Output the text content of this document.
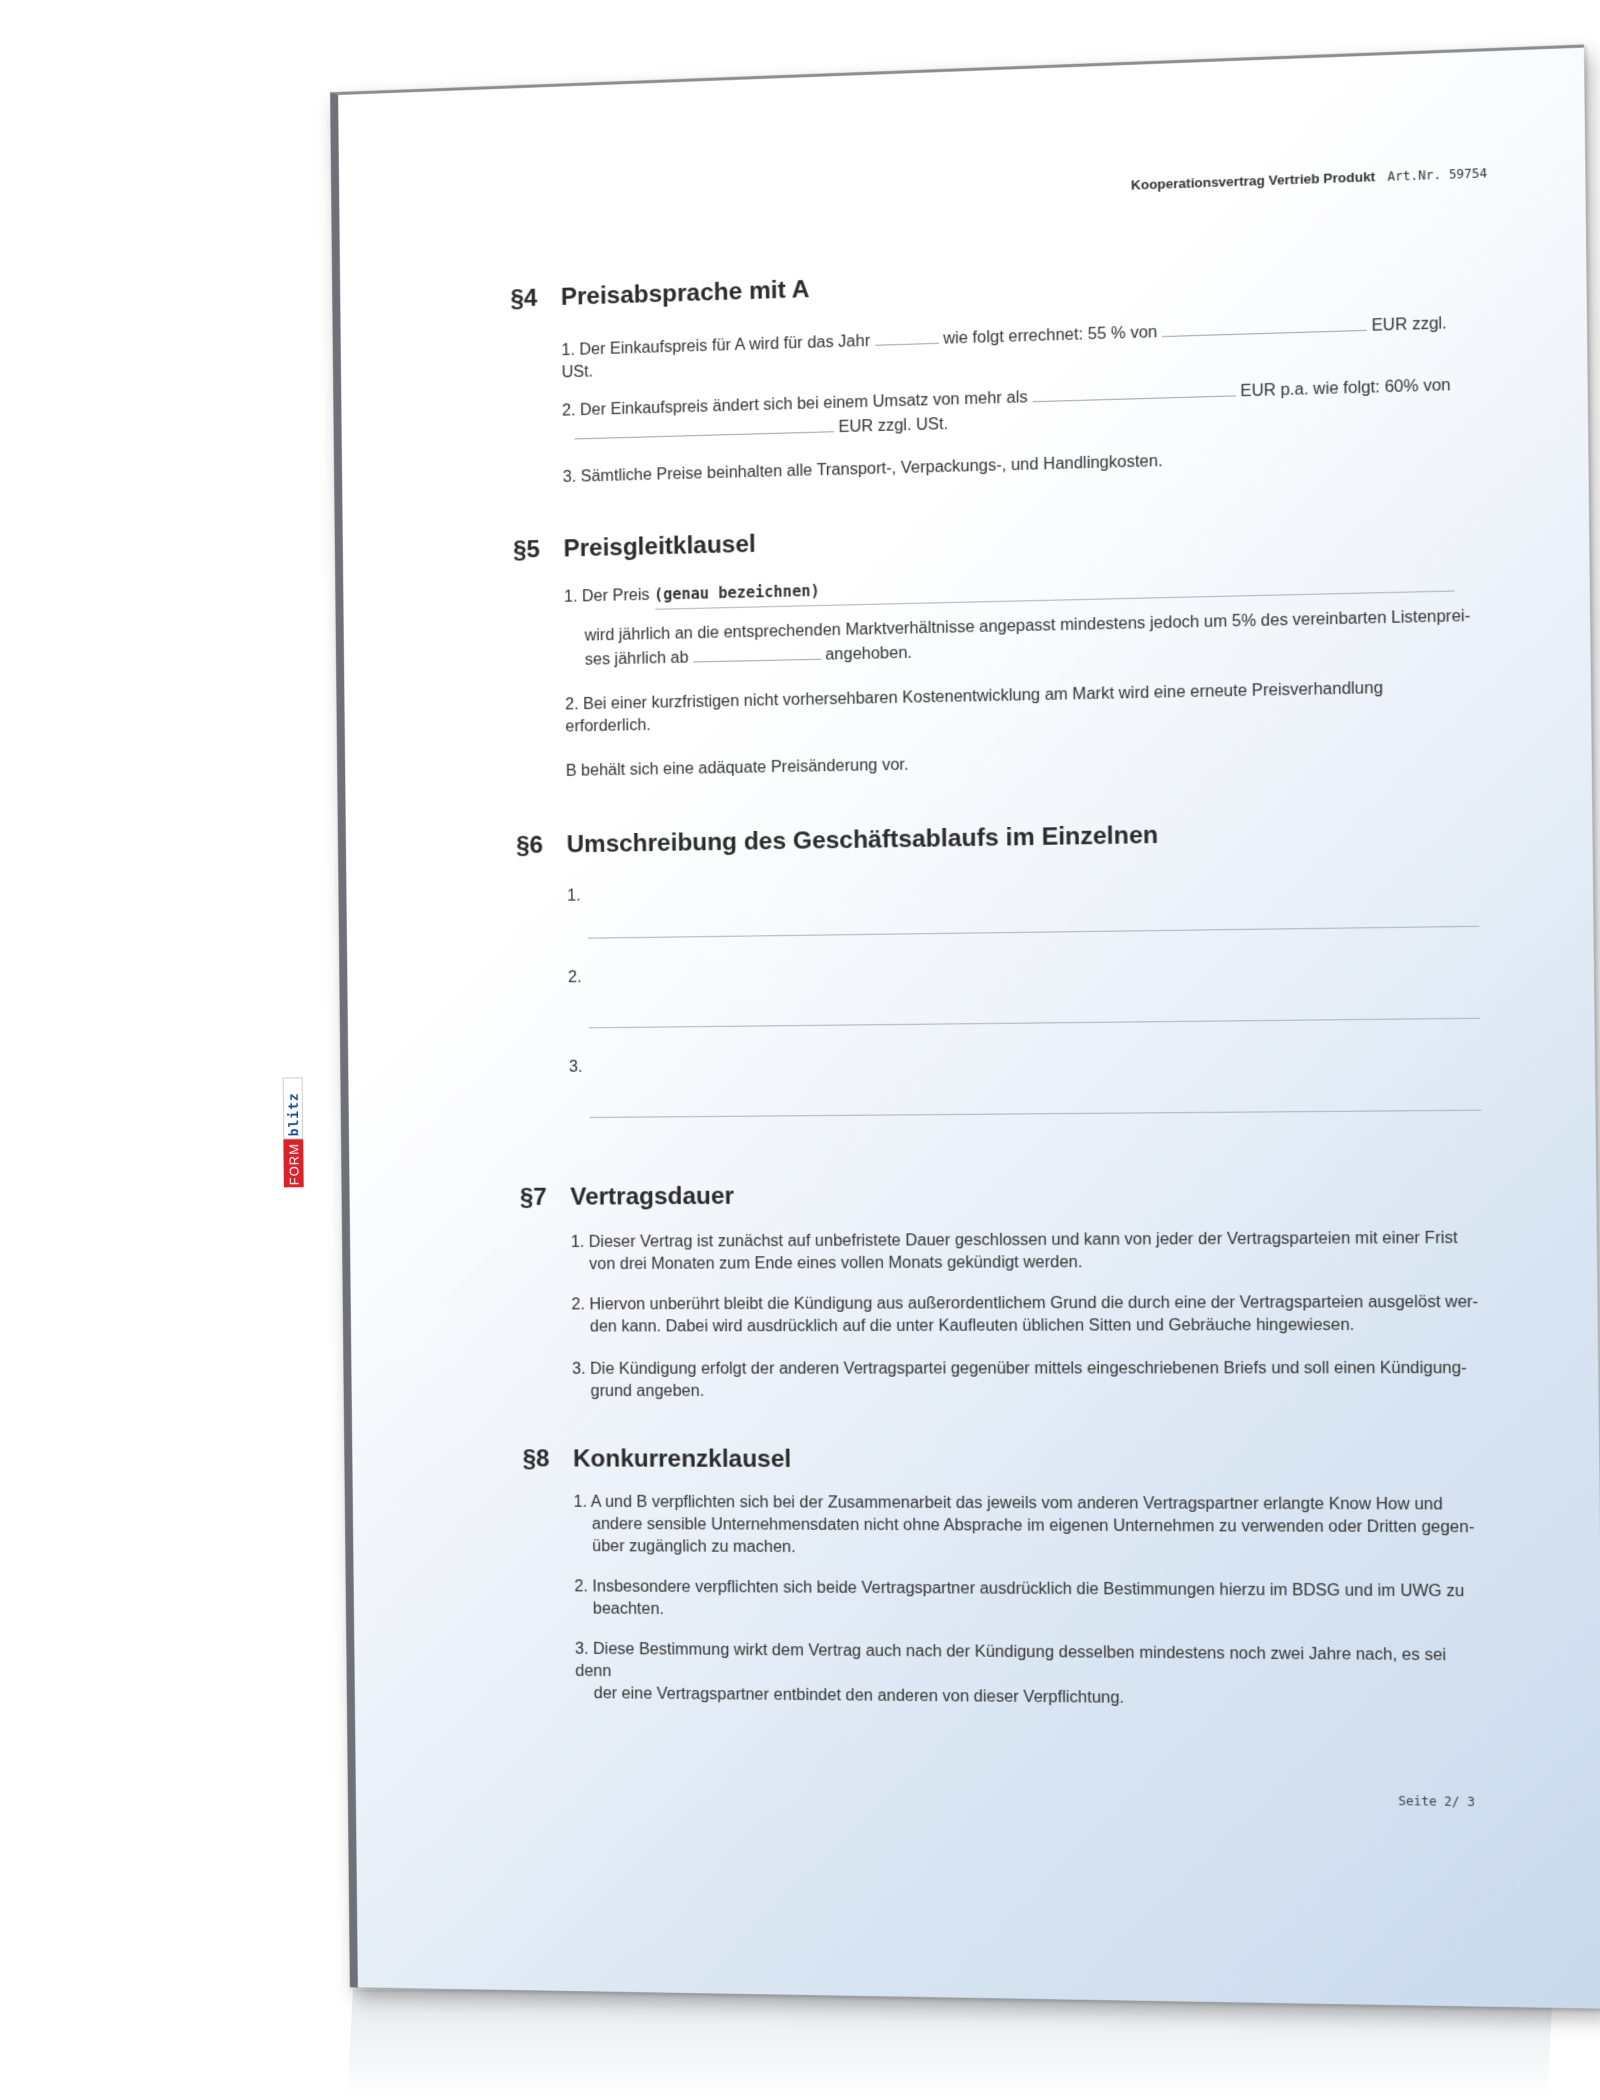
Kooperationsvertrag Vertrieb Produkt Art.Nr. 59754
§4 Preisabsprache mit A
1. Der Einkaufspreis für A wird für das Jahr	wie folgt errechnet: 55 % von	EUR zzgl. USt.
2. Der Einkaufspreis ändert sich bei einem Umsatz von mehr als  EUR p.a. wie folgt: 60% von
EUR zzgl. USt.
3. Sämtliche Preise beinhalten alle Transport-, Verpackungs-, und Handlingkosten.
§5 Preisgleitklausel
1. Der Preis (genau bezeichnen)
wird jährlich an die entsprechenden Marktverhältnisse angepasst mindestens jedoch um 5% des vereinbarten Listenprei-
ses jährlich ab	angehoben.
2. Bei einer kurzfristigen nicht vorhersehbaren Kostenentwicklung am Markt wird eine erneute Preisverhandlung erforderlich.
B behält sich eine adäquate Preisänderung vor.
§6 Umschreibung des Geschäftsablaufs im Einzelnen
1.
2.
3.
§7 Vertragsdauer
1. Dieser Vertrag ist zunächst auf unbefristete Dauer geschlossen und kann von jeder der Vertragsparteien mit einer Frist
von drei Monaten zum Ende eines vollen Monats gekündigt werden.
2. Hiervon unberührt bleibt die Kündigung aus außerordentlichem Grund die durch eine der Vertragsparteien ausgelöst wer-
den kann. Dabei wird ausdrücklich auf die unter Kaufleuten üblichen Sitten und Gebräuche hingewiesen.
3. Die Kündigung erfolgt der anderen Vertragspartei gegenüber mittels eingeschriebenen Briefs und soll einen Kündigung-
grund angeben.
§8 Konkurrenzklausel
1. A und B verpflichten sich bei der Zusammenarbeit das jeweils vom anderen Vertragspartner erlangte Know How und
andere sensible Unternehmensdaten nicht ohne Absprache im eigenen Unternehmen zu verwenden oder Dritten gegen-
über zugänglich zu machen.
2. Insbesondere verpflichten sich beide Vertragspartner ausdrücklich die Bestimmungen hierzu im BDSG und im UWG zu
beachten.
3. Diese Bestimmung wirkt dem Vertrag auch nach der Kündigung desselben mindestens noch zwei Jahre nach, es sei denn
der eine Vertragspartner entbindet den anderen von dieser Verpflichtung.
Seite 2/ 3
blitz
FORM
